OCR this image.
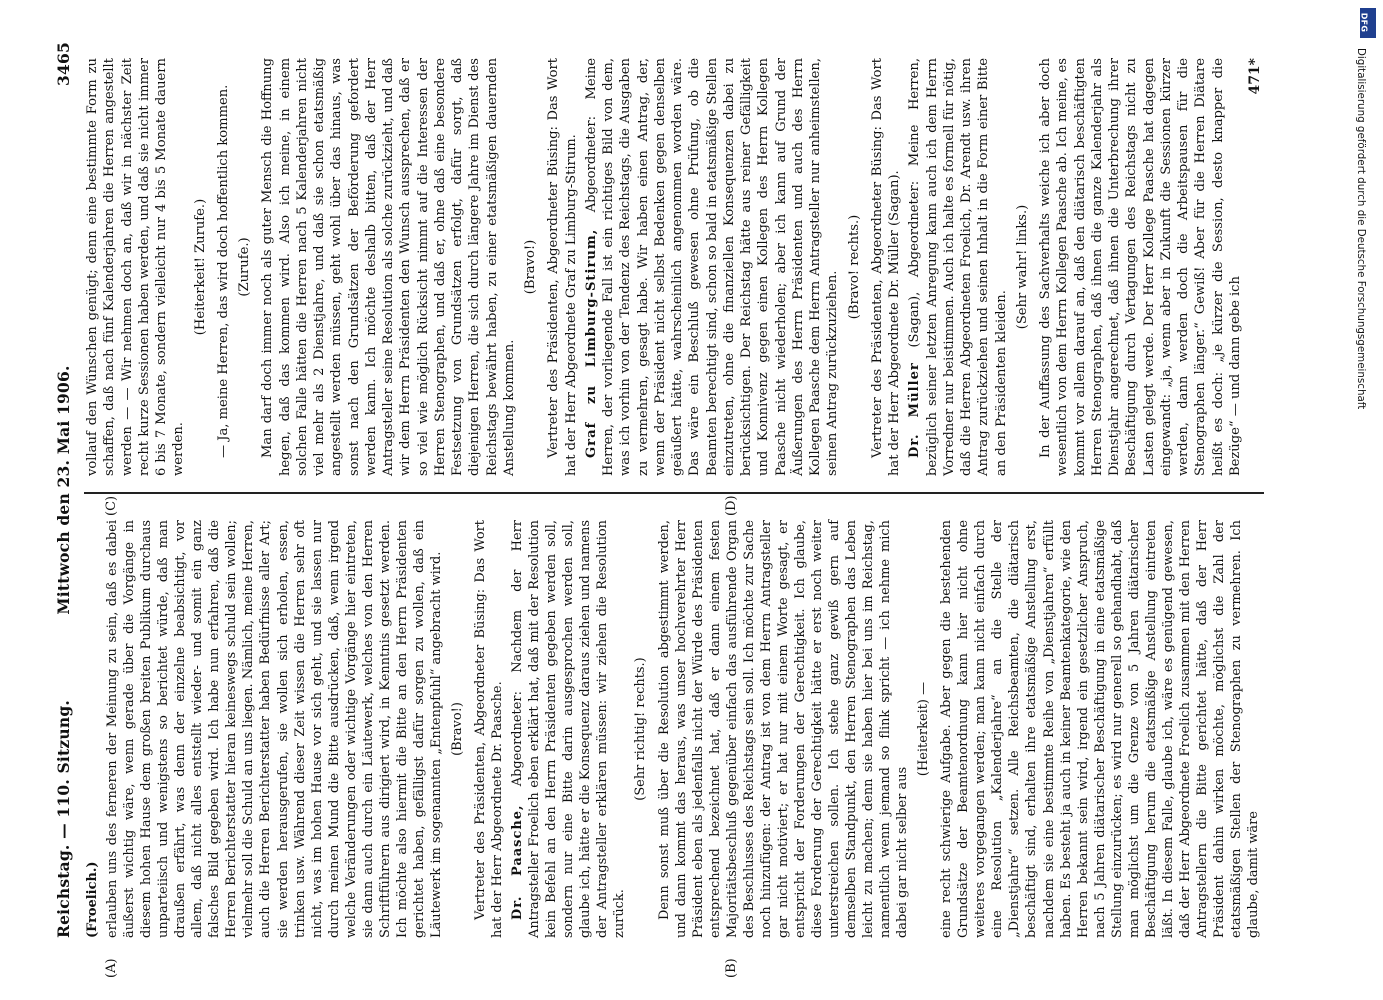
Reichstag. — 110. Sitzung.
Mittwoch den 23. Mai 1906.
3465
(A)	(B)
(C)	(D)

(Froelich.) erlauben uns des ferneren der Meinung zu sein, daß es dabei äußerst wichtig wäre, wenn gerade über die Vorgänge in diesem hohen Hause dem großen breiten Publikum durchaus unparteiisch und wenigstens so berichtet würde, daß man draußen erfährt, was denn der einzelne beabsichtigt, vor allem, daß nicht alles entstellt wieder- und somit ein ganz falsches Bild gegeben wird. Ich habe nun erfahren, daß die Herren Berichterstatter hieran keineswegs schuld sein wollen; vielmehr soll die Schuld an uns liegen. Nämlich, meine Herren, auch die Herren Berichterstatter haben Bedürfnisse aller Art; sie werden herausgerufen, sie wollen sich erholen, essen, trinken usw. Während dieser Zeit wissen die Herren sehr oft nicht, was im hohen Hause vor sich geht, und sie lassen nur durch meinen Mund die Bitte ausdrücken, daß, wenn irgend welche Veränderungen oder wichtige Vorgänge hier eintreten, sie dann auch durch ein Läutewerk, welches von den Herren Schriftführern aus dirigiert wird, in Kenntnis gesetzt werden. Ich möchte also hiermit die Bitte an den Herrn Präsidenten gerichtet haben, gefälligst dafür sorgen zu wollen, daß ein Läutewerk im sogenannten „Entenpfuhl“ angebracht wird. (Bravo!) Vertreter des Präsidenten, Abgeordneter Büsing: Das Wort hat der Herr Abgeordnete Dr. Paasche. Dr. Paasche, Abgeordneter: Nachdem der Herr Antragsteller Froelich eben erklärt hat, daß mit der Resolution kein Befehl an den Herrn Präsidenten gegeben werden soll, sondern nur eine Bitte darin ausgesprochen werden soll, glaube ich, hätte er die Konsequenz daraus ziehen und namens der Antragsteller erklären müssen: wir ziehen die Resolution zurück.

(Sehr richtig! rechts.) Denn sonst muß über die Resolution abgestimmt werden, und dann kommt das heraus, was unser hochverehrter Herr Präsident eben als jedenfalls nicht der Würde des Präsidenten entsprechend bezeichnet hat, daß er dann einem festen Majoritätsbeschluß gegenüber einfach das ausführende Organ des Beschlusses des Reichstags sein soll. Ich möchte zur Sache noch hinzufügen: der Antrag ist von dem Herrn Antragsteller gar nicht motiviert; er hat nur mit einem Worte gesagt, er entspricht der Forderungen der Gerechtigkeit. Ich glaube, diese Forderung der Gerechtigkeit hätte er erst noch weiter unterstreichen sollen. Ich stehe ganz gewiß gern auf demselben Standpunkt, den Herren Stenographen das Leben leicht zu machen; denn sie haben hier bei uns im Reichstag, namentlich wenn jemand so flink spricht — ich nehme mich dabei gar nicht selber aus

(Heiterkeit) — eine recht schwierige Aufgabe. Aber gegen die bestehenden Grundsätze der Beamtenordnung kann hier nicht ohne weiteres vorgegangen werden; man kann nicht einfach durch eine Resolution „Kalenderjahre“ an die Stelle der „Dienstjahre“ setzen. Alle Reichsbeamten, die diätarisch beschäftigt sind, erhalten ihre etatsmäßige Anstellung erst, nachdem sie eine bestimmte Reihe von „Dienstjahren“ erfüllt haben. Es besteht ja auch in keiner Beamtenkategorie, wie den Herren bekannt sein wird, irgend ein gesetzlicher Anspruch, nach 5 Jahren diätarischer Beschäftigung in eine etatsmäßige Stellung einzurücken; es wird nur generell so gehandhabt, daß man möglichst um die Grenze von 5 Jahren diätarischer Beschäftigung herum die etatsmäßige Anstellung eintreten läßt. In diesem Falle, glaube ich, wäre es genügend gewesen, daß der Herr Abgeordnete Froelich zusammen mit den Herren Antragstellern die Bitte gerichtet hätte, daß der Herr Präsident dahin wirken möchte, möglichst die Zahl der etatsmäßigen Stellen der Stenographen zu vermehren. Ich glaube, damit wäre

vollauf den Wünschen genügt; denn eine bestimmte Form zu schaffen, daß nach fünf Kalenderjahren die Herren angestellt werden — — Wir nehmen doch an, daß wir in nächster Zeit recht kurze Sessionen haben werden, und daß sie nicht immer 6 bis 7 Monate, sondern vielleicht nur 4 bis 5 Monate dauern werden.

(Heiterkeit! Zurufe.) — Ja, meine Herren, das wird doch hoffentlich kommen. (Zurufe.) Man darf doch immer noch als guter Mensch die Hoffnung hegen, daß das kommen wird. Also ich meine, in einem solchen Falle hätten die Herren nach 5 Kalenderjahren nicht viel mehr als 2 Dienstjahre, und daß sie schon etatsmäßig angestellt werden müssen, geht wohl über das hinaus, was sonst nach den Grundsätzen der Beförderung gefordert werden kann. Ich möchte deshalb bitten, daß der Herr Antragsteller seine Resolution als solche zurückzieht, und daß wir dem Herrn Präsidenten den Wunsch aussprechen, daß er so viel wie möglich Rücksicht nimmt auf die Interessen der Herren Stenographen, und daß er, ohne daß eine besondere Festsetzung von Grundsätzen erfolgt, dafür sorgt, daß diejenigen Herren, die sich durch längere Jahre im Dienst des Reichstags bewährt haben, zu einer etatsmäßigen dauernden Anstellung kommen.

(Bravo!) Vertreter des Präsidenten, Abgeordneter Büsing: Das Wort hat der Herr Abgeordnete Graf zu Limburg-Stirum. Graf zu Limburg-Stirum, Abgeordneter: Meine Herren, der vorliegende Fall ist ein richtiges Bild von dem, was ich vorhin von der Tendenz des Reichstags, die Ausgaben zu vermehren, gesagt habe. Wir haben einen Antrag, der, wenn der Präsident nicht selbst Bedenken gegen denselben geäußert hätte, wahrscheinlich angenommen worden wäre. Das wäre ein Beschluß gewesen ohne Prüfung, ob die Beamten berechtigt sind, schon so bald in etatsmäßige Stellen einzutreten, ohne die finanziellen Konsequenzen dabei zu berücksichtigen. Der Reichstag hätte aus reiner Gefälligkeit und Konnivenz gegen einen Kollegen des Herrn Kollegen Paasche nicht wiederholen; aber ich kann auf Grund der Äußerungen des Herrn Präsidenten und auch des Herrn Kollegen Paasche dem Herrn Antragsteller nur anheimstellen, seinen Antrag zurückzuziehen.

(Bravo! rechts.) Vertreter des Präsidenten, Abgeordneter Büsing: Das Wort hat der Herr Abgeordnete Dr. Müller (Sagan). Dr. Müller (Sagan), Abgeordneter: Meine Herren, bezüglich seiner letzten Anregung kann auch ich dem Herrn Vorredner nur beistimmen. Auch ich halte es formell für nötig, daß die Herren Abgeordneten Froelich, Dr. Arendt usw. ihren Antrag zurückziehen und seinen Inhalt in die Form einer Bitte an den Präsidenten kleiden.

(Sehr wahr! links.) In der Auffassung des Sachverhalts weiche ich aber doch wesentlich von dem Herrn Kollegen Paasche ab. Ich meine, es kommt vor allem darauf an, daß den diätarisch beschäftigten Herren Stenographen, daß ihnen die ganze Kalenderjahr als Dienstjahr angerechnet, daß ihnen die Unterbrechung ihrer Beschäftigung durch Vertagungen des Reichstags nicht zu Lasten gelegt werde. Der Herr Kollege Paasche hat dagegen eingewandt: „ja, wenn aber in Zukunft die Sessionen kürzer werden, dann werden doch die Arbeitspausen für die Stenographen länger.“ Gewiß! Aber für die Herren Diätare heißt es doch: „je kürzer die Session, desto knapper die Bezüge“ — und dann gebe ich

471*
DFG
Digitalisierung gefördert durch die Deutsche Forschungsgemeinschaft
